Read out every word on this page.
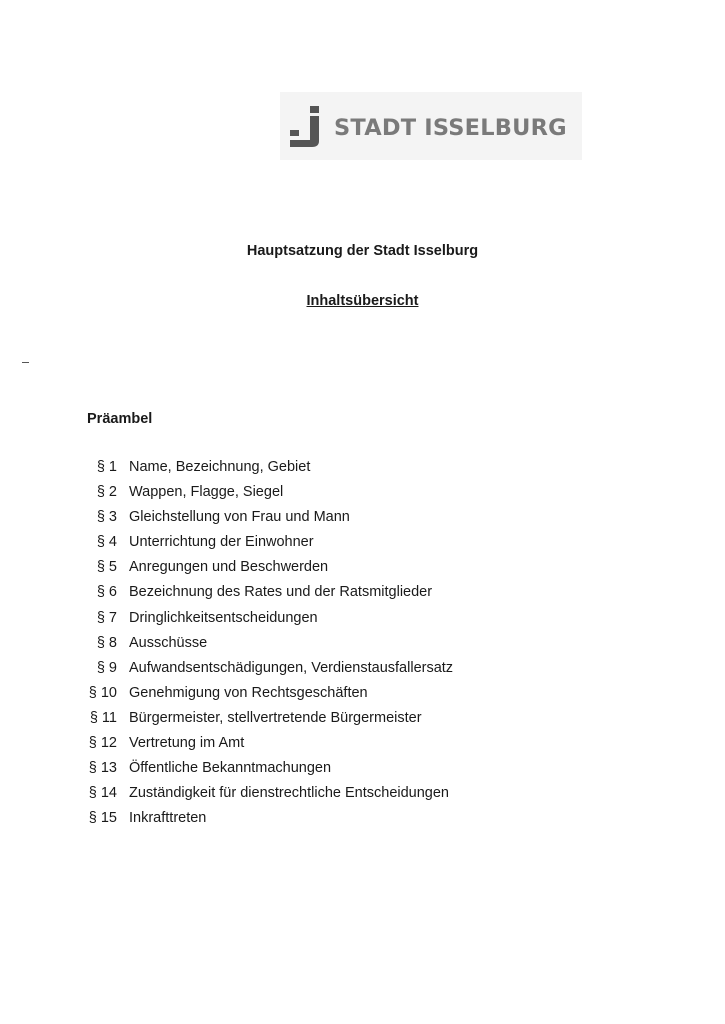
STADT ISSELBURG
Hauptsatzung der Stadt Isselburg
Inhaltsübersicht
Präambel
§ 1 Name, Bezeichnung, Gebiet
§ 2 Wappen, Flagge, Siegel
§ 3 Gleichstellung von Frau und Mann
§ 4 Unterrichtung der Einwohner
§ 5 Anregungen und Beschwerden
§ 6 Bezeichnung des Rates und der Ratsmitglieder
§ 7 Dringlichkeitsentscheidungen
§ 8 Ausschüsse
§ 9 Aufwandsentschädigungen, Verdienstausfallersatz
§ 10 Genehmigung von Rechtsgeschäften
§ 11 Bürgermeister, stellvertretende Bürgermeister
§ 12 Vertretung im Amt
§ 13 Öffentliche Bekanntmachungen
§ 14 Zuständigkeit für dienstrechtliche Entscheidungen
§ 15 Inkrafttreten
